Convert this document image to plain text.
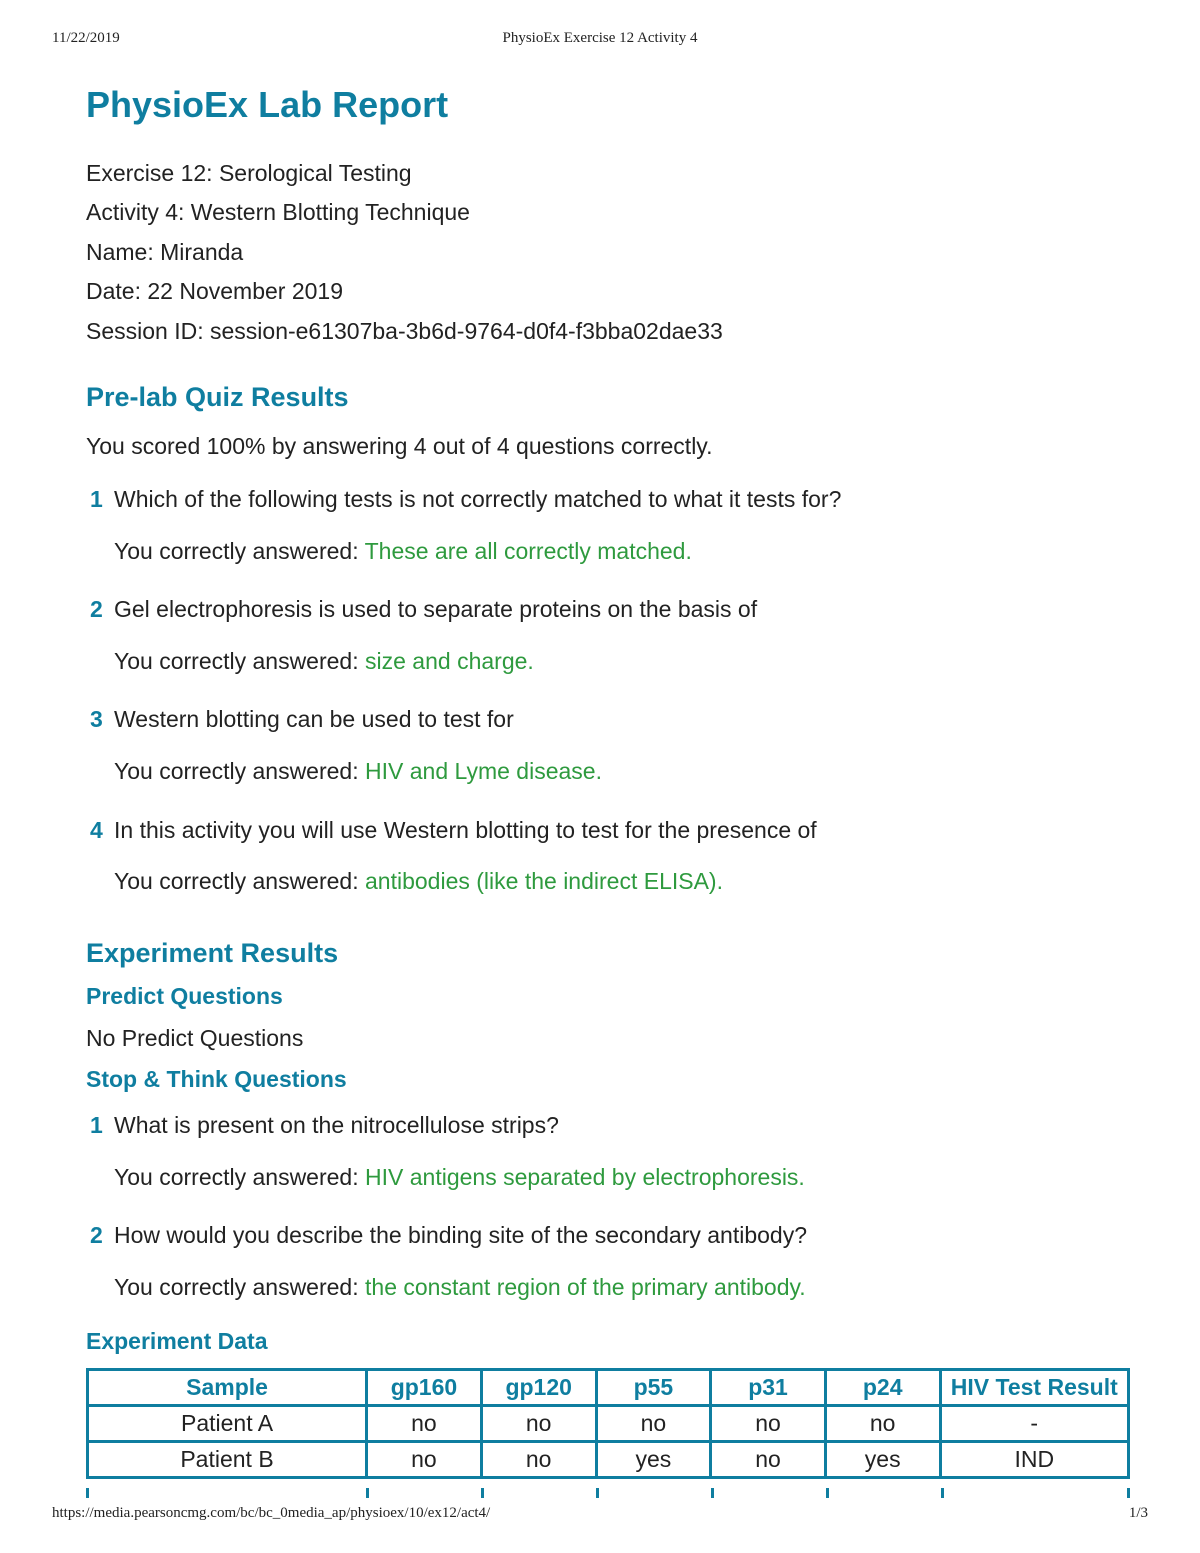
11/22/2019	PhysioEx Exercise 12 Activity 4
PhysioEx Lab Report
Exercise 12: Serological Testing
Activity 4: Western Blotting Technique
Name: Miranda
Date: 22 November 2019
Session ID: session-e61307ba-3b6d-9764-d0f4-f3bba02dae33
Pre-lab Quiz Results
You scored 100% by answering 4 out of 4 questions correctly.
1 Which of the following tests is not correctly matched to what it tests for?
You correctly answered: These are all correctly matched.
2 Gel electrophoresis is used to separate proteins on the basis of
You correctly answered: size and charge.
3 Western blotting can be used to test for
You correctly answered: HIV and Lyme disease.
4 In this activity you will use Western blotting to test for the presence of
You correctly answered: antibodies (like the indirect ELISA).
Experiment Results
Predict Questions
No Predict Questions
Stop & Think Questions
1 What is present on the nitrocellulose strips?
You correctly answered: HIV antigens separated by electrophoresis.
2 How would you describe the binding site of the secondary antibody?
You correctly answered: the constant region of the primary antibody.
Experiment Data
Sample	gp160	gp120	p55	p31	p24	HIV Test Result
Patient A	no	no	no	no	no	-
Patient B	no	no	yes	no	yes	IND
https://media.pearsoncmg.com/bc/bc_0media_ap/physioex/10/ex12/act4/	1/3
